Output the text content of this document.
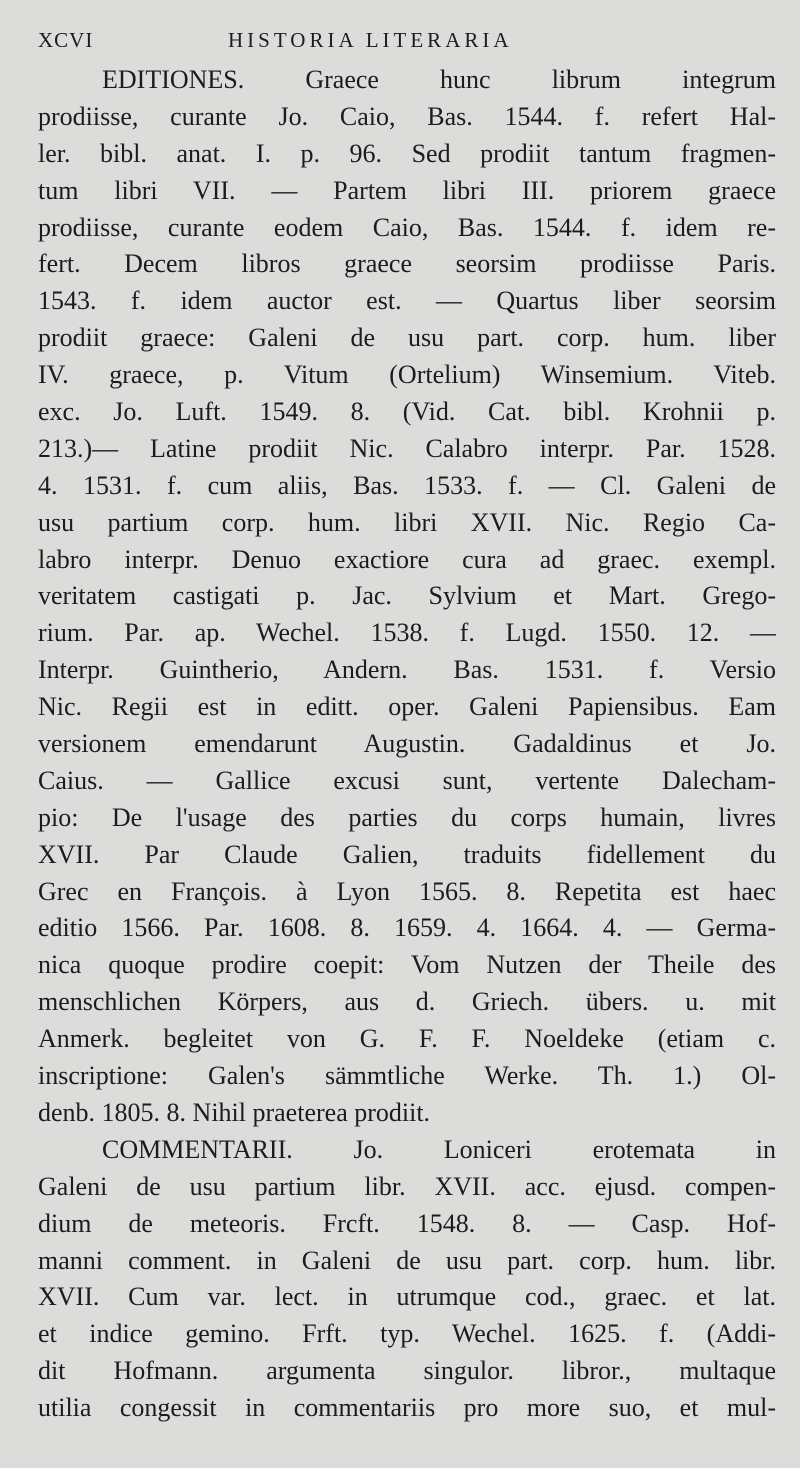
XCVI	HISTORIA LITERARIA
EDITIONES. Graece hunc librum integrum
prodiisse, curante Jo. Caio, Bas. 1544. f. refert Hal-
ler. bibl. anat. I. p. 96. Sed prodiit tantum fragmen-
tum libri VII. — Partem libri III. priorem graece
prodiisse, curante eodem Caio, Bas. 1544. f. idem re-
fert. Decem libros graece seorsim prodiisse Paris.
1543. f. idem auctor est. — Quartus liber seorsim
prodiit graece: Galeni de usu part. corp. hum. liber
IV. graece, p. Vitum (Ortelium) Winsemium. Viteb.
exc. Jo. Luft. 1549. 8. (Vid. Cat. bibl. Krohnii p.
213.)— Latine prodiit Nic. Calabro interpr. Par. 1528.
4. 1531. f. cum aliis, Bas. 1533. f. — Cl. Galeni de
usu partium corp. hum. libri XVII. Nic. Regio Ca-
labro interpr. Denuo exactiore cura ad graec. exempl.
veritatem castigati p. Jac. Sylvium et Mart. Grego-
rium. Par. ap. Wechel. 1538. f. Lugd. 1550. 12. —
Interpr. Guintherio, Andern. Bas. 1531. f. Versio
Nic. Regii est in editt. oper. Galeni Papiensibus. Eam
versionem emendarunt Augustin. Gadaldinus et Jo.
Caius. — Gallice excusi sunt, vertente Dalecham-
pio: De l'usage des parties du corps humain, livres
XVII. Par Claude Galien, traduits fidellement du
Grec en François. à Lyon 1565. 8. Repetita est haec
editio 1566. Par. 1608. 8. 1659. 4. 1664. 4. — Germa-
nica quoque prodire coepit: Vom Nutzen der Theile des
menschlichen Körpers, aus d. Griech. übers. u. mit
Anmerk. begleitet von G. F. F. Noeldeke (etiam c.
inscriptione: Galen's sämmtliche Werke. Th. 1.) Ol-
denb. 1805. 8. Nihil praeterea prodiit.
COMMENTARII. Jo. Loniceri erotemata in
Galeni de usu partium libr. XVII. acc. ejusd. compen-
dium de meteoris. Frcft. 1548. 8. — Casp. Hof-
manni comment. in Galeni de usu part. corp. hum. libr.
XVII. Cum var. lect. in utrumque cod., graec. et lat.
et indice gemino. Frft. typ. Wechel. 1625. f. (Addi-
dit Hofmann. argumenta singulor. libror., multaque
utilia congessit in commentariis pro more suo, et mul-
